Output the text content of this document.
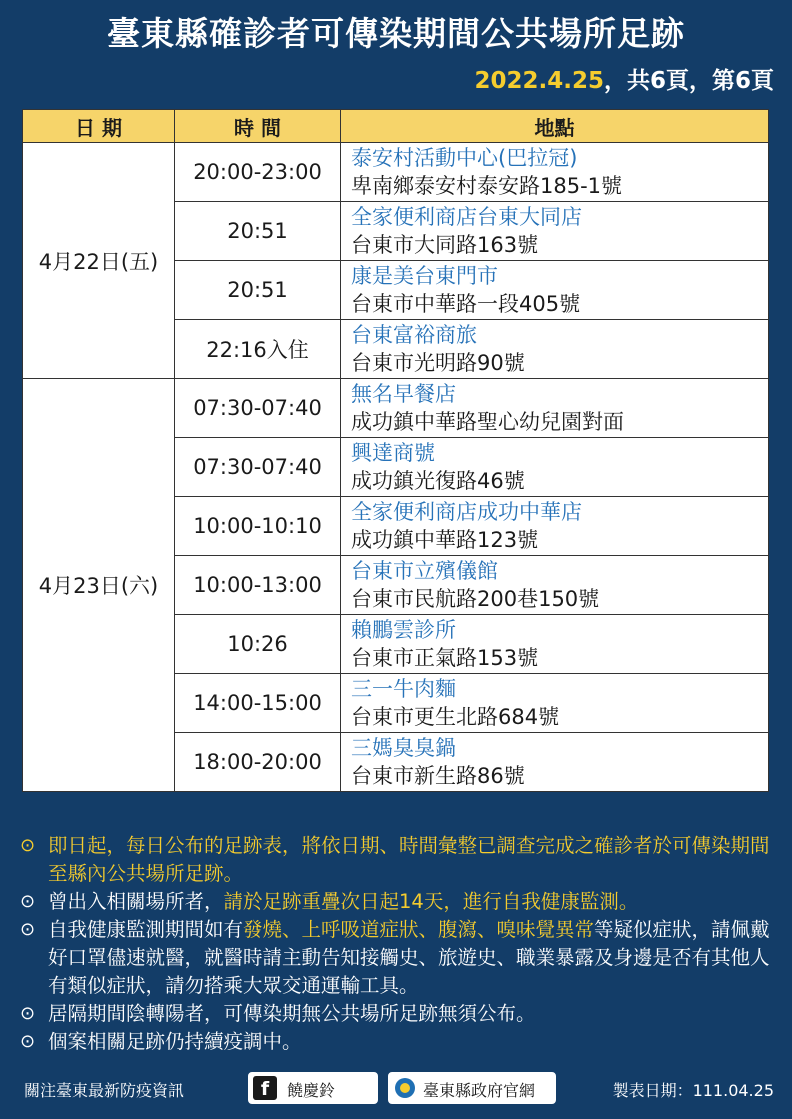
臺東縣確診者可傳染期間公共場所足跡
2022.4.25，共6頁，第6頁
日 期	時 間	地點
4月22日(五)	20:00-23:00	泰安村活動中心(巴拉冠)
卑南鄉泰安村泰安路185-1號

	20:51	全家便利商店台東大同店
台東市大同路163號

	20:51	康是美台東門市
台東市中華路一段405號

	22:16入住	台東富裕商旅
台東市光明路90號

4月23日(六)	07:30-07:40	無名早餐店
成功鎮中華路聖心幼兒園對面

	07:30-07:40	興達商號
成功鎮光復路46號

	10:00-10:10	全家便利商店成功中華店
成功鎮中華路123號

	10:00-13:00	台東市立殯儀館
台東市民航路200巷150號

	10:26	賴鵬雲診所
台東市正氣路153號

	14:00-15:00	三一牛肉麵
台東市更生北路684號

	18:00-20:00	三媽臭臭鍋
台東市新生路86號
⊙ 即日起，每日公布的足跡表，將依日期、時間彙整已調查完成之確診者於可傳染期間至縣內公共場所足跡。
⊙ 曾出入相關場所者，請於足跡重疊次日起14天，進行自我健康監測。
⊙ 自我健康監測期間如有發燒、上呼吸道症狀、腹瀉、嗅味覺異常等疑似症狀，請佩戴好口罩儘速就醫，就醫時請主動告知接觸史、旅遊史、職業暴露及身邊是否有其他人有類似症狀，請勿搭乘大眾交通運輸工具。
⊙ 居隔期間陰轉陽者，可傳染期無公共場所足跡無須公布。
⊙ 個案相關足跡仍持續疫調中。
關注臺東最新防疫資訊	f	饒慶鈴	臺東縣政府官網	製表日期：111.04.25
